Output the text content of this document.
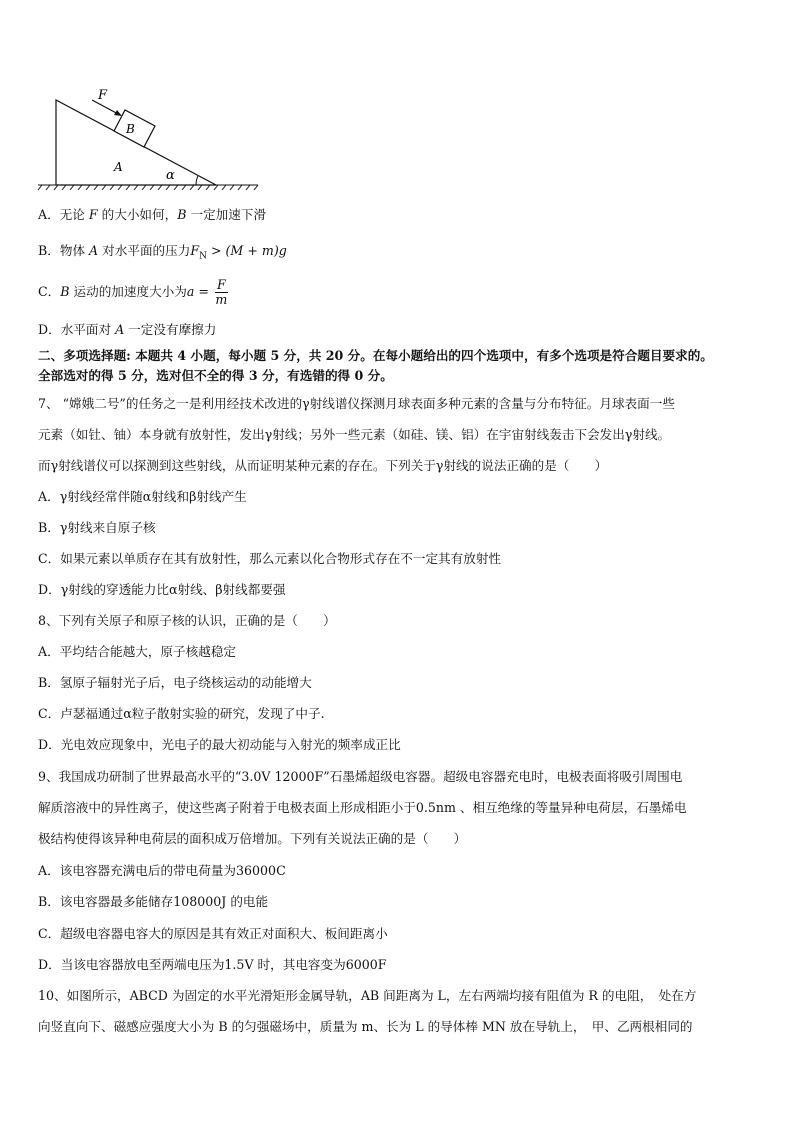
F
B
A
α
A．无论 F 的大小如何，B 一定加速下滑
B．物体 A 对水平面的压力$F_N > (M + m)g$
C．B 运动的加速度大小为$a = \frac{F}{m}$
D．水平面对 A 一定没有摩擦力
二、多项选择题: 本题共 4 小题，每小题 5 分，共 20 分。在每小题给出的四个选项中，有多个选项是符合题目要求的。
全部选对的得 5 分，选对但不全的得 3 分，有选错的得 0 分。
7、 “嫦娥二号”的任务之一是利用经技术改进的γ射线谱仪探测月球表面多种元素的含量与分布特征。月球表面一些
元素（如钍、铀）本身就有放射性，发出γ射线；另外一些元素（如硅、镁、铝）在宇宙射线轰击下会发出γ射线。
而γ射线谱仪可以探测到这些射线，从而证明某种元素的存在。下列关于γ射线的说法正确的是（　　）
A．γ射线经常伴随α射线和β射线产生
B．γ射线来自原子核
C．如果元素以单质存在其有放射性，那么元素以化合物形式存在不一定其有放射性
D．γ射线的穿透能力比α射线、β射线都要强
8、下列有关原子和原子核的认识，正确的是（　　）
A．平均结合能越大，原子核越稳定
B．氢原子辐射光子后，电子绕核运动的动能增大
C．卢瑟福通过α粒子散射实验的研究，发现了中子.
D．光电效应现象中，光电子的最大初动能与入射光的频率成正比
9、我国成功研制了世界最高水平的“3.0V 12000F”石墨烯超级电容器。超级电容器充电时，电极表面将吸引周围电
解质溶液中的异性离子，使这些离子附着于电极表面上形成相距小于0.5nm 、相互绝缘的等量异种电荷层，石墨烯电
极结构使得该异种电荷层的面积成万倍增加。下列有关说法正确的是（　　）
A．该电容器充满电后的带电荷量为36000C
B．该电容器最多能储存108000J 的电能
C．超级电容器电容大的原因是其有效正对面积大、板间距离小
D．当该电容器放电至两端电压为1.5V 时，其电容变为6000F
10、如图所示，ABCD 为固定的水平光滑矩形金属导轨，AB 间距离为 L，左右两端均接有阻值为 R 的电阻，　处在方
向竖直向下、磁感应强度大小为 B 的匀强磁场中，质量为 m、长为 L 的导体棒 MN 放在导轨上，　甲、乙两根相同的
